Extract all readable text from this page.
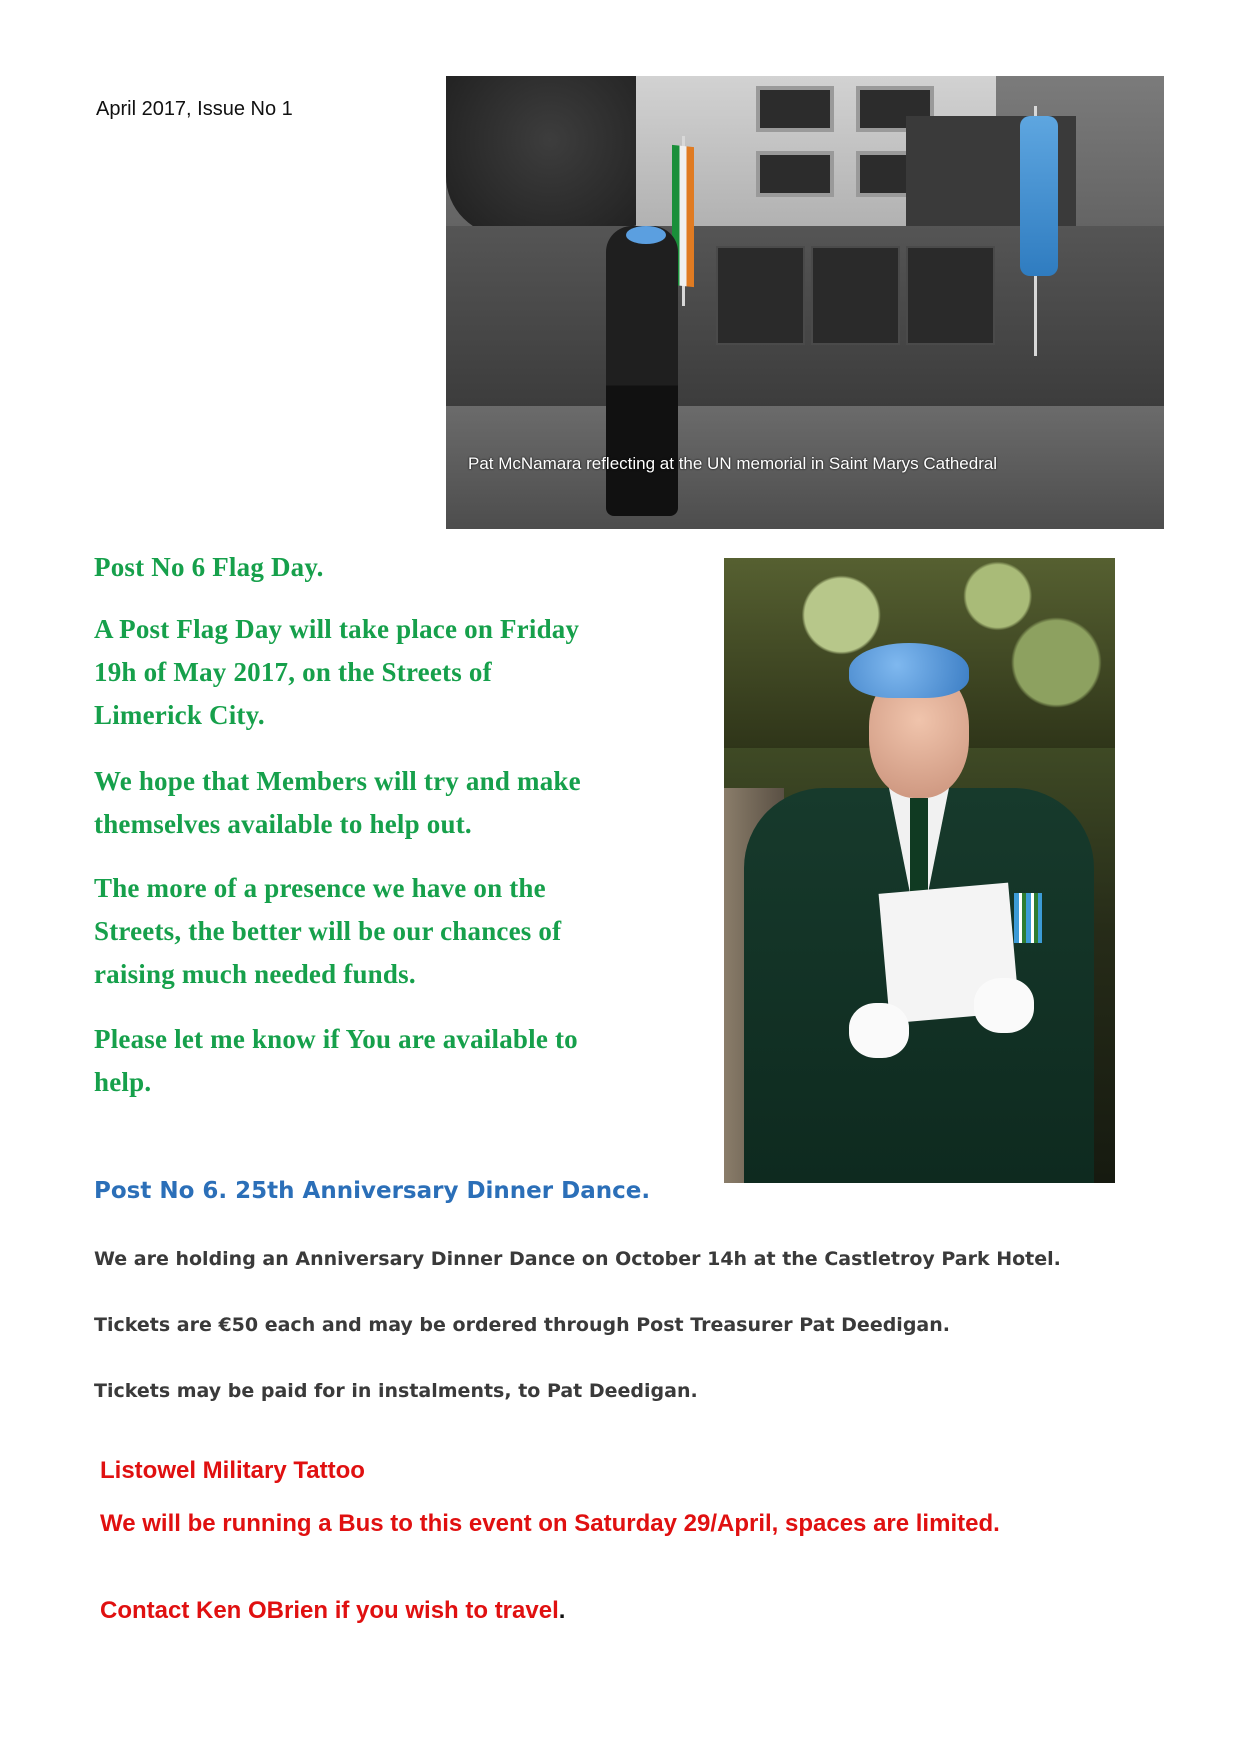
April 2017, Issue No 1
Pat McNamara reflecting at the UN memorial in Saint Marys Cathedral
Post No 6 Flag Day.
A Post Flag Day will take place on Friday 19h of May 2017, on the Streets of Limerick City.
We hope that Members will try and make themselves available to help out.
The more of a presence we have on the Streets, the better will be our chances of raising much needed funds.
Please let me know if You are available to help.
Post No 6. 25th Anniversary Dinner Dance.
We are holding an Anniversary Dinner Dance on October 14h at the Castletroy Park Hotel.
Tickets are €50 each and may be ordered through Post Treasurer Pat Deedigan.
Tickets may be paid for in instalments, to Pat Deedigan.
Listowel Military Tattoo
We will be running a Bus to this event on Saturday 29/April, spaces are limited.
Contact Ken OBrien if you wish to travel.
